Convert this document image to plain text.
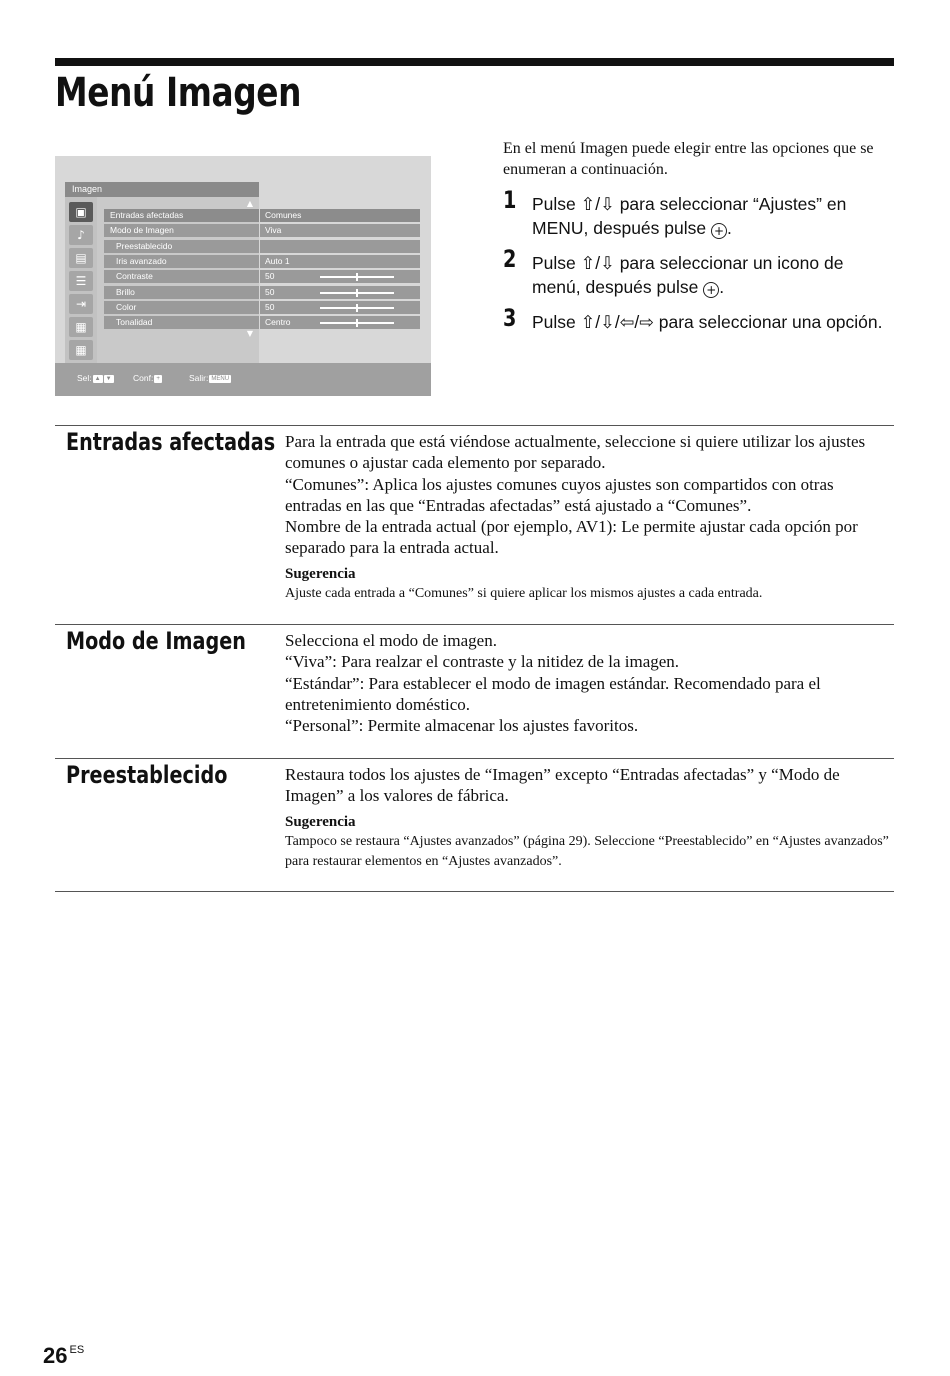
Menú Imagen
Imagen
▣
♪
▤
☰
⇥
▦
▦
▲
Entradas afectadas	Comunes
Modo de Imagen	Viva
Preestablecido
Iris avanzado	Auto 1
Contraste	50
Brillo	50
Color	50
Tonalidad	Centro
▼
Sel: ▲ ▼	Conf: +	Salir: MENU

En el menú Imagen puede elegir entre las opciones que se enumeran a continuación.

1 Pulse ⇧/⇩ para seleccionar “Ajustes” en MENU, después pulse + .
2 Pulse ⇧/⇩ para seleccionar un icono de menú, después pulse + .
3 Pulse ⇧/⇩/⇦/⇨ para seleccionar una opción.
Entradas afectadas Para la entrada que está viéndose actualmente, seleccione si quiere utilizar los ajustes comunes o ajustar cada elemento por separado.

“Comunes”: Aplica los ajustes comunes cuyos ajustes son compartidos con otras entradas en las que “Entradas afectadas” está ajustado a “Comunes”.

Nombre de la entrada actual (por ejemplo, AV1): Le permite ajustar cada opción por separado para la entrada actual.

Sugerencia

Ajuste cada entrada a “Comunes” si quiere aplicar los mismos ajustes a cada entrada.

Modo de Imagen Selecciona el modo de imagen.

“Viva”: Para realzar el contraste y la nitidez de la imagen.

“Estándar”: Para establecer el modo de imagen estándar. Recomendado para el entretenimiento doméstico.

“Personal”: Permite almacenar los ajustes favoritos.

Preestablecido	Restaura todos los ajustes de “Imagen” excepto “Entradas afectadas” y “Modo de Imagen” a los valores de fábrica.

Sugerencia

Tampoco se restaura “Ajustes avanzados” (página 29). Seleccione “Preestablecido” en “Ajustes avanzados” para restaurar elementos en “Ajustes avanzados”.

26 $^{ES}$
